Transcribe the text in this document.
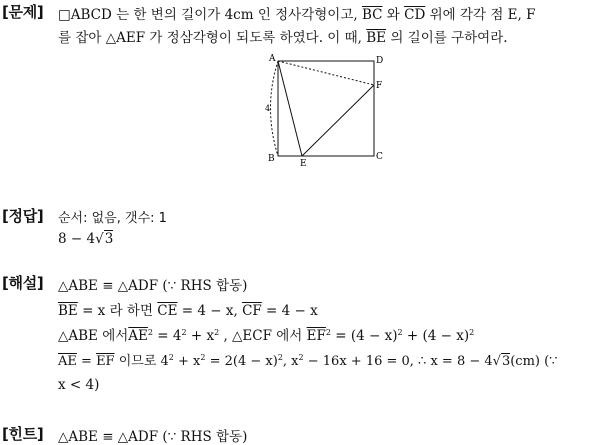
[문제] □ABCD 는 한 변의 길이가 4cm 인 정사각형이고, $\overline{BC}$ 와 $\overline{CD}$ 위에 각각 점 E, F
를 잡아 △AEF 가 정삼각형이 되도록 하였다. 이 때, $\overline{BE}$ 의 길이를 구하여라.
A	D
F
B	E
C
4
[정답] 순서: 없음, 갯수: 1
8 − 4√3
[해설] △ABE ≡ △ADF (∵ RHS 합동)
$\overline{BE} = x$ 라 하면 $\overline{CE} = 4 - x$, $\overline{CF} = 4 - x$
△ABE 에서$\overline{AE}^2 = 4^2 + x^2$ , △ECF 에서 $\overline{EF}^2 = (4 - x)^2 + (4 - x)^2$
$\overline{AE} = \overline{EF}$ 이므로 $4^2 + x^2 = 2(4 - x)^2$, $x^2 - 16x + 16 = 0$, ∴ x = 8 − 4√3(cm) (∵
x < 4)
[힌트] △ABE ≡ △ADF (∵ RHS 합동)
